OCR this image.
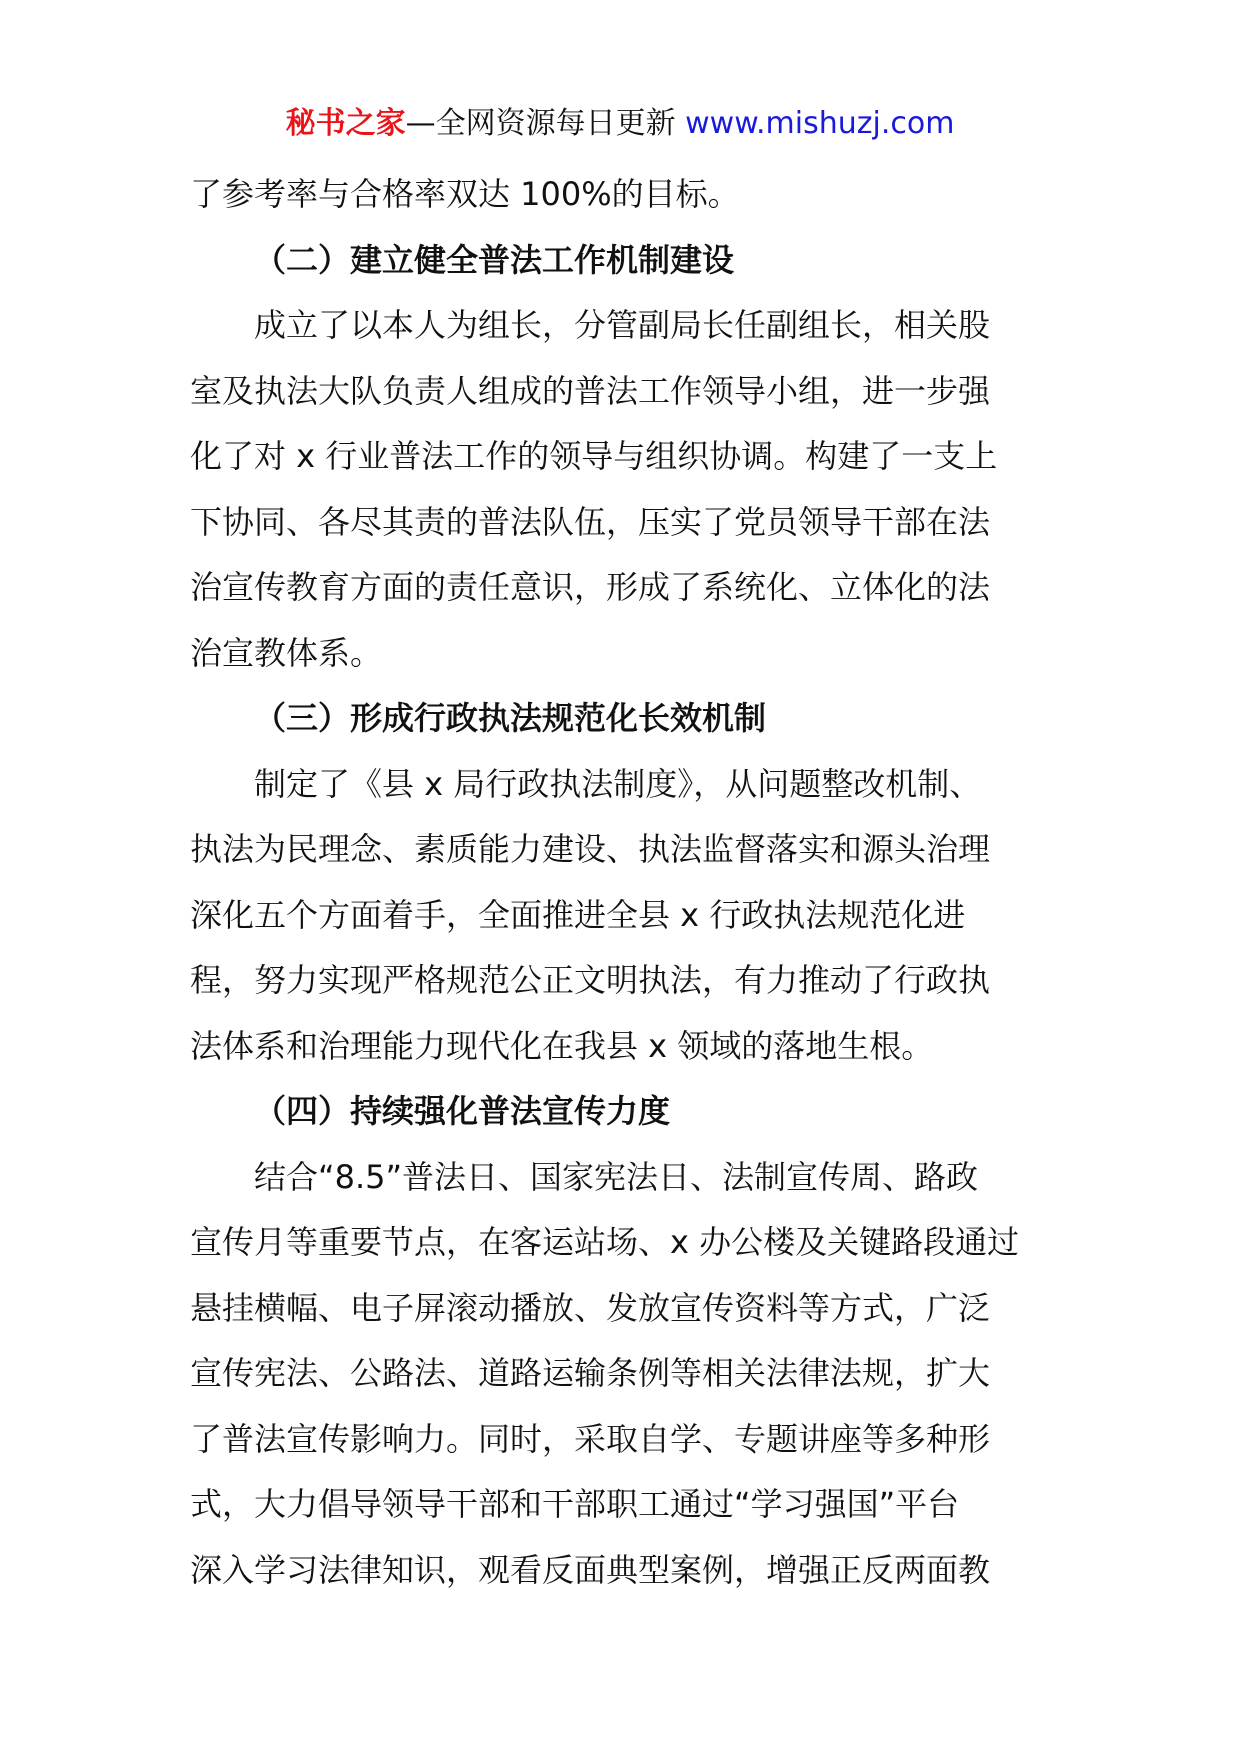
秘书之家—全网资源每日更新 www.mishuzj.com
了参考率与合格率双达 100%的目标。
（二）建立健全普法工作机制建设
成立了以本人为组长，分管副局长任副组长，相关股
室及执法大队负责人组成的普法工作领导小组，进一步强
化了对 x 行业普法工作的领导与组织协调。构建了一支上
下协同、各尽其责的普法队伍，压实了党员领导干部在法
治宣传教育方面的责任意识，形成了系统化、立体化的法
治宣教体系。
（三）形成行政执法规范化长效机制
制定了《县 x 局行政执法制度》，从问题整改机制、
执法为民理念、素质能力建设、执法监督落实和源头治理
深化五个方面着手，全面推进全县 x 行政执法规范化进
程，努力实现严格规范公正文明执法，有力推动了行政执
法体系和治理能力现代化在我县 x 领域的落地生根。
（四）持续强化普法宣传力度
结合“8.5”普法日、国家宪法日、法制宣传周、路政
宣传月等重要节点，在客运站场、x 办公楼及关键路段通过
悬挂横幅、电子屏滚动播放、发放宣传资料等方式，广泛
宣传宪法、公路法、道路运输条例等相关法律法规，扩大
了普法宣传影响力。同时，采取自学、专题讲座等多种形
式，大力倡导领导干部和干部职工通过“学习强国”平台
深入学习法律知识，观看反面典型案例，增强正反两面教
